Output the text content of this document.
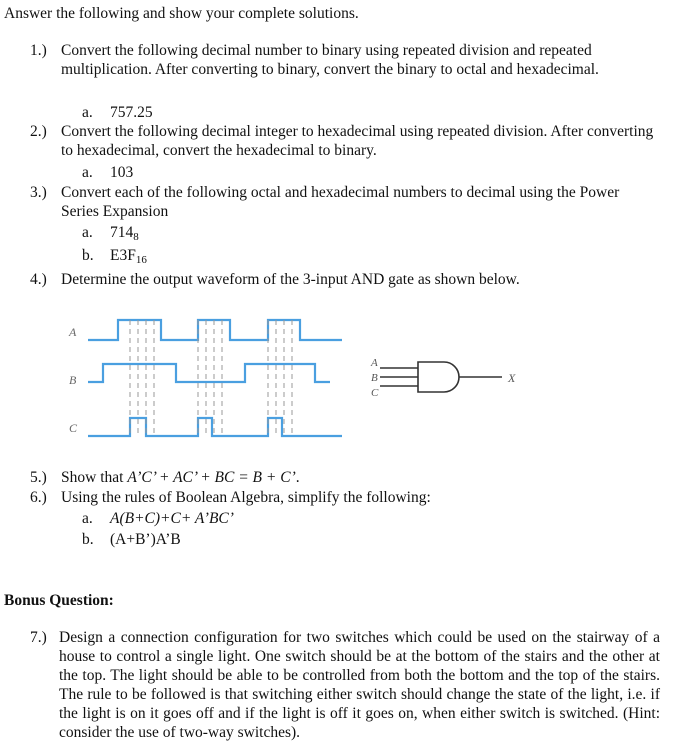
Answer the following and show your complete solutions.
1.) Convert the following decimal number to binary using repeated division and repeated multiplication. After converting to binary, convert the binary to octal and hexadecimal.
a. 757.25
2.) Convert the following decimal integer to hexadecimal using repeated division. After converting to hexadecimal, convert the hexadecimal to binary.
a. 103
3.) Convert each of the following octal and hexadecimal numbers to decimal using the Power Series Expansion
a. $714_8$
b. $E3F_{16}$
4.) Determine the output waveform of the 3-input AND gate as shown below.
A
B
C
A
B
C
X
5.) Show that A’C’ + AC’ + BC = B + C’.
6.) Using the rules of Boolean Algebra, simplify the following:
a. A(B+C)+C+ A’BC’
b. (A+B’)A’B
Bonus Question:
7.) Design a connection configuration for two switches which could be used on the stairway of a house to control a single light. One switch should be at the bottom of the stairs and the other at the top. The light should be able to be controlled from both the bottom and the top of the stairs. The rule to be followed is that switching either switch should change the state of the light, i.e. if the light is on it goes off and if the light is off it goes on, when either switch is switched. (Hint: consider the use of two-way switches).
